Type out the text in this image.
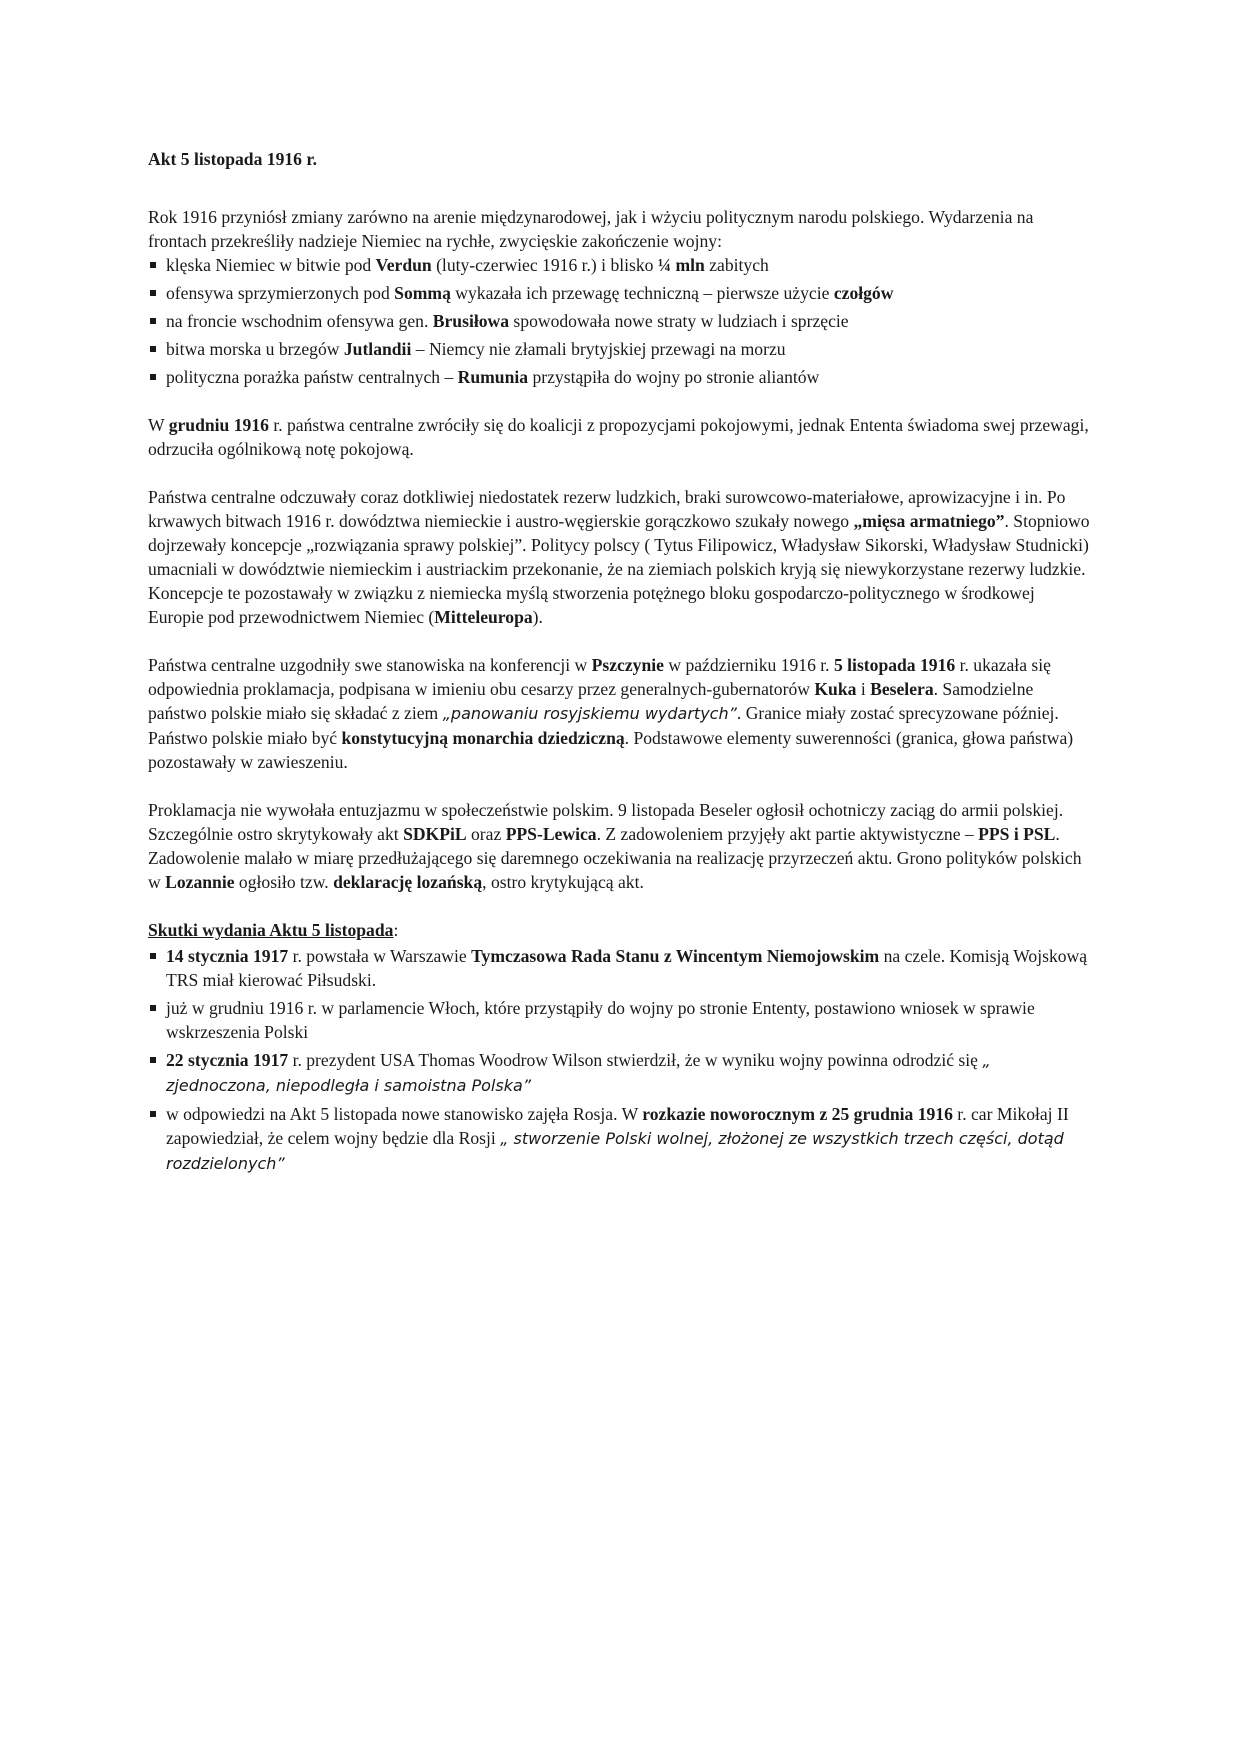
Akt 5 listopada 1916 r.

Rok 1916 przyniósł zmiany zarówno na arenie międzynarodowej, jak i wżyciu politycznym narodu polskiego. Wydarzenia na frontach przekreśliły nadzieje Niemiec na rychłe, zwycięskie zakończenie wojny:

klęska Niemiec w bitwie pod Verdun (luty-czerwiec 1916 r.) i blisko ¼ mln zabitych
ofensywa sprzymierzonych pod Sommą wykazała ich przewagę techniczną – pierwsze użycie czołgów
na froncie wschodnim ofensywa gen. Brusiłowa spowodowała nowe straty w ludziach i sprzęcie
bitwa morska u brzegów Jutlandii – Niemcy nie złamali brytyjskiej przewagi na morzu
polityczna porażka państw centralnych – Rumunia przystąpiła do wojny po stronie aliantów

W grudniu 1916 r. państwa centralne zwróciły się do koalicji z propozycjami pokojowymi, jednak Ententa świadoma swej przewagi, odrzuciła ogólnikową notę pokojową.

Państwa centralne odczuwały coraz dotkliwiej niedostatek rezerw ludzkich, braki surowcowo-materiałowe, aprowizacyjne i in. Po krwawych bitwach 1916 r. dowództwa niemieckie i austro-węgierskie gorączkowo szukały nowego „mięsa armatniego”. Stopniowo dojrzewały koncepcje „rozwiązania sprawy polskiej”. Politycy polscy ( Tytus Filipowicz, Władysław Sikorski, Władysław Studnicki) umacniali w dowództwie niemieckim i austriackim przekonanie, że na ziemiach polskich kryją się niewykorzystane rezerwy ludzkie. Koncepcje te pozostawały w związku z niemiecka myślą stworzenia potężnego bloku gospodarczo-politycznego w środkowej Europie pod przewodnictwem Niemiec (Mitteleuropa).

Państwa centralne uzgodniły swe stanowiska na konferencji w Pszczynie w październiku 1916 r. 5 listopada 1916 r. ukazała się odpowiednia proklamacja, podpisana w imieniu obu cesarzy przez generalnych-gubernatorów Kuka i Beselera. Samodzielne państwo polskie miało się składać z ziem „panowaniu rosyjskiemu wydartych”. Granice miały zostać sprecyzowane później. Państwo polskie miało być konstytucyjną monarchia dziedziczną. Podstawowe elementy suwerenności (granica, głowa państwa) pozostawały w zawieszeniu.

Proklamacja nie wywołała entuzjazmu w społeczeństwie polskim. 9 listopada Beseler ogłosił ochotniczy zaciąg do armii polskiej. Szczególnie ostro skrytykowały akt SDKPiL oraz PPS-Lewica. Z zadowoleniem przyjęły akt partie aktywistyczne – PPS i PSL. Zadowolenie malało w miarę przedłużającego się daremnego oczekiwania na realizację przyrzeczeń aktu. Grono polityków polskich w Lozannie ogłosiło tzw. deklarację lozańską, ostro krytykującą akt.

Skutki wydania Aktu 5 listopada:

14 stycznia 1917 r. powstała w Warszawie Tymczasowa Rada Stanu z Wincentym Niemojowskim na czele. Komisją Wojskową TRS miał kierować Piłsudski.
już w grudniu 1916 r. w parlamencie Włoch, które przystąpiły do wojny po stronie Ententy, postawiono wniosek w sprawie wskrzeszenia Polski
22 stycznia 1917 r. prezydent USA Thomas Woodrow Wilson stwierdził, że w wyniku wojny powinna odrodzić się „ zjednoczona, niepodległa i samoistna Polska”
w odpowiedzi na Akt 5 listopada nowe stanowisko zajęła Rosja. W rozkazie noworocznym z 25 grudnia 1916 r. car Mikołaj II zapowiedział, że celem wojny będzie dla Rosji „ stworzenie Polski wolnej, złożonej ze wszystkich trzech części, dotąd rozdzielonych”
